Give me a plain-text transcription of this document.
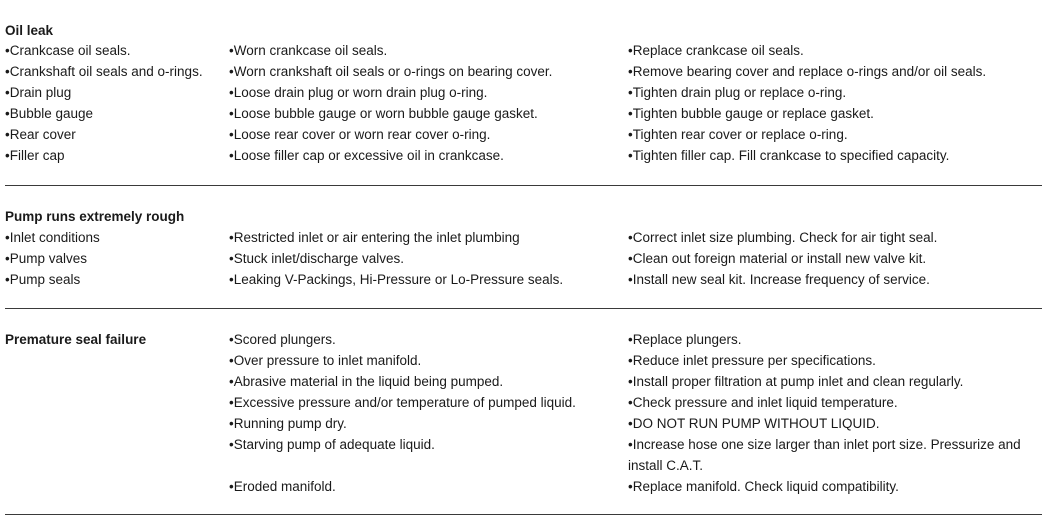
Oil leak
•Crankcase oil seals.
•Crankshaft oil seals and o-rings.
•Drain plug
•Bubble gauge
•Rear cover
•Filler cap
•Worn crankcase oil seals.
•Worn crankshaft oil seals or o-rings on bearing cover.
•Loose drain plug or worn drain plug o-ring.
•Loose bubble gauge or worn bubble gauge gasket.
•Loose rear cover or worn rear cover o-ring.
•Loose filler cap or excessive oil in crankcase.
•Replace crankcase oil seals.
•Remove bearing cover and replace o-rings and/or oil seals.
•Tighten drain plug or replace o-ring.
•Tighten bubble gauge or replace gasket.
•Tighten rear cover or replace o-ring.
•Tighten filler cap. Fill crankcase to specified capacity.
Pump runs extremely rough
•Inlet conditions
•Pump valves
•Pump seals
•Restricted inlet or air entering the inlet plumbing
•Stuck inlet/discharge valves.
•Leaking V-Packings, Hi-Pressure or Lo-Pressure seals.
•Correct inlet size plumbing. Check for air tight seal.
•Clean out foreign material or install new valve kit.
•Install new seal kit. Increase frequency of service.
Premature seal failure	•Scored plungers.
•Over pressure to inlet manifold.
•Abrasive material in the liquid being pumped.
•Excessive pressure and/or temperature of pumped liquid.
•Running pump dry.
•Starving pump of adequate liquid.
•Eroded manifold.
•Replace plungers.
•Reduce inlet pressure per specifications.
•Install proper filtration at pump inlet and clean regularly.
•Check pressure and inlet liquid temperature.
•DO NOT RUN PUMP WITHOUT LIQUID.
•Increase hose one size larger than inlet port size. Pressurize and install C.A.T.
•Replace manifold. Check liquid compatibility.
